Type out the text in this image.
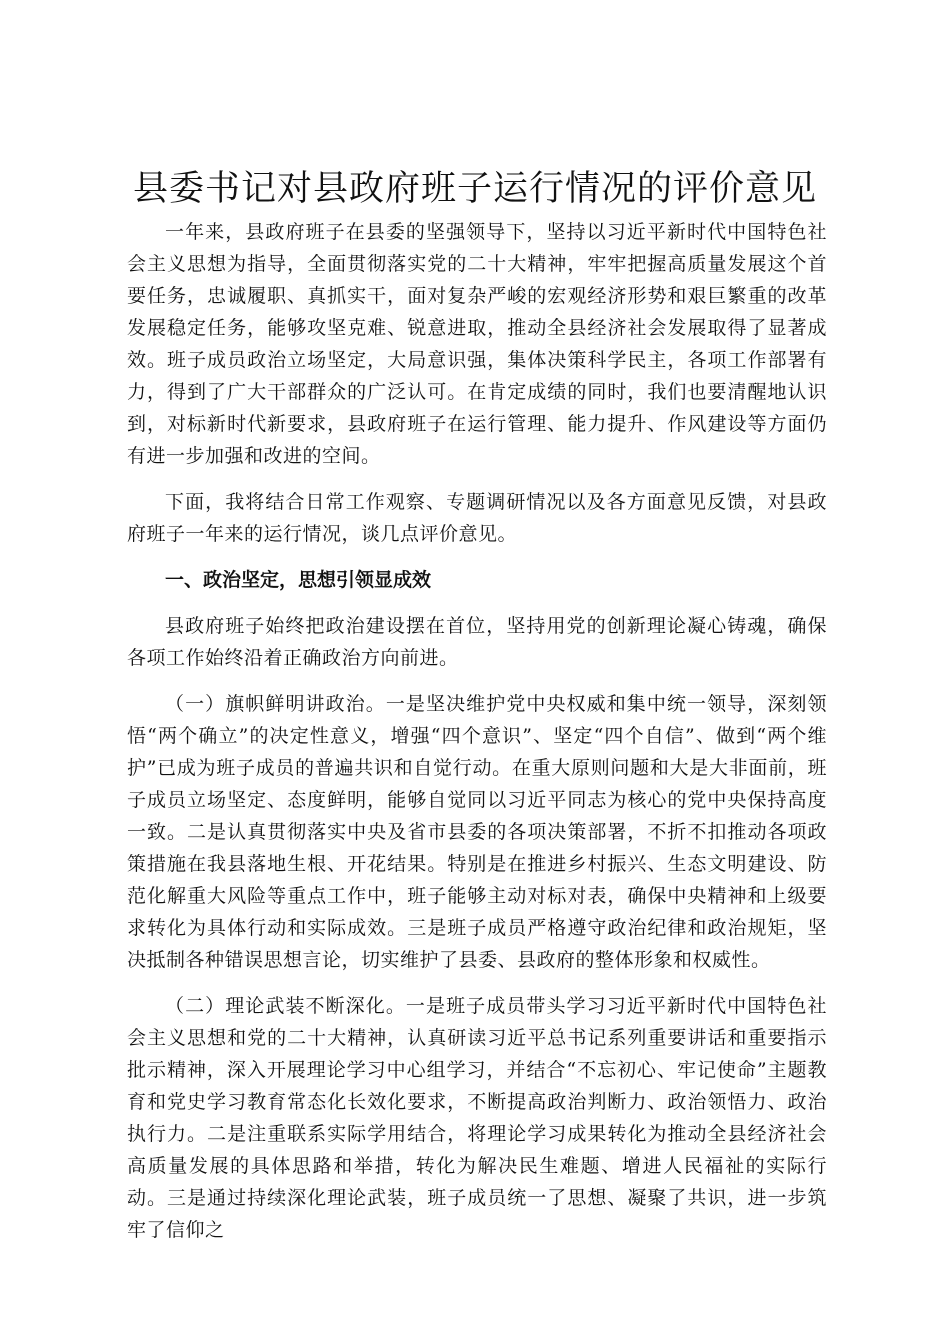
县委书记对县政府班子运行情况的评价意见

一年来，县政府班子在县委的坚强领导下，坚持以习近平新时代中国特色社会主义思想为指导，全面贯彻落实党的二十大精神，牢牢把握高质量发展这个首要任务，忠诚履职、真抓实干，面对复杂严峻的宏观经济形势和艰巨繁重的改革发展稳定任务，能够攻坚克难、锐意进取，推动全县经济社会发展取得了显著成效。班子成员政治立场坚定，大局意识强，集体决策科学民主，各项工作部署有力，得到了广大干部群众的广泛认可。在肯定成绩的同时，我们也要清醒地认识到，对标新时代新要求，县政府班子在运行管理、能力提升、作风建设等方面仍有进一步加强和改进的空间。

下面，我将结合日常工作观察、专题调研情况以及各方面意见反馈，对县政府班子一年来的运行情况，谈几点评价意见。

一、政治坚定，思想引领显成效

县政府班子始终把政治建设摆在首位，坚持用党的创新理论凝心铸魂，确保各项工作始终沿着正确政治方向前进。

（一）旗帜鲜明讲政治。一是坚决维护党中央权威和集中统一领导，深刻领悟“两个确立”的决定性意义，增强“四个意识”、坚定“四个自信”、做到“两个维护”已成为班子成员的普遍共识和自觉行动。在重大原则问题和大是大非面前，班子成员立场坚定、态度鲜明，能够自觉同以习近平同志为核心的党中央保持高度一致。二是认真贯彻落实中央及省市县委的各项决策部署，不折不扣推动各项政策措施在我县落地生根、开花结果。特别是在推进乡村振兴、生态文明建设、防范化解重大风险等重点工作中，班子能够主动对标对表，确保中央精神和上级要求转化为具体行动和实际成效。三是班子成员严格遵守政治纪律和政治规矩，坚决抵制各种错误思想言论，切实维护了县委、县政府的整体形象和权威性。

（二）理论武装不断深化。一是班子成员带头学习习近平新时代中国特色社会主义思想和党的二十大精神，认真研读习近平总书记系列重要讲话和重要指示批示精神，深入开展理论学习中心组学习，并结合“不忘初心、牢记使命”主题教育和党史学习教育常态化长效化要求，不断提高政治判断力、政治领悟力、政治执行力。二是注重联系实际学用结合，将理论学习成果转化为推动全县经济社会高质量发展的具体思路和举措，转化为解决民生难题、增进人民福祉的实际行动。三是通过持续深化理论武装，班子成员统一了思想、凝聚了共识，进一步筑牢了信仰之
